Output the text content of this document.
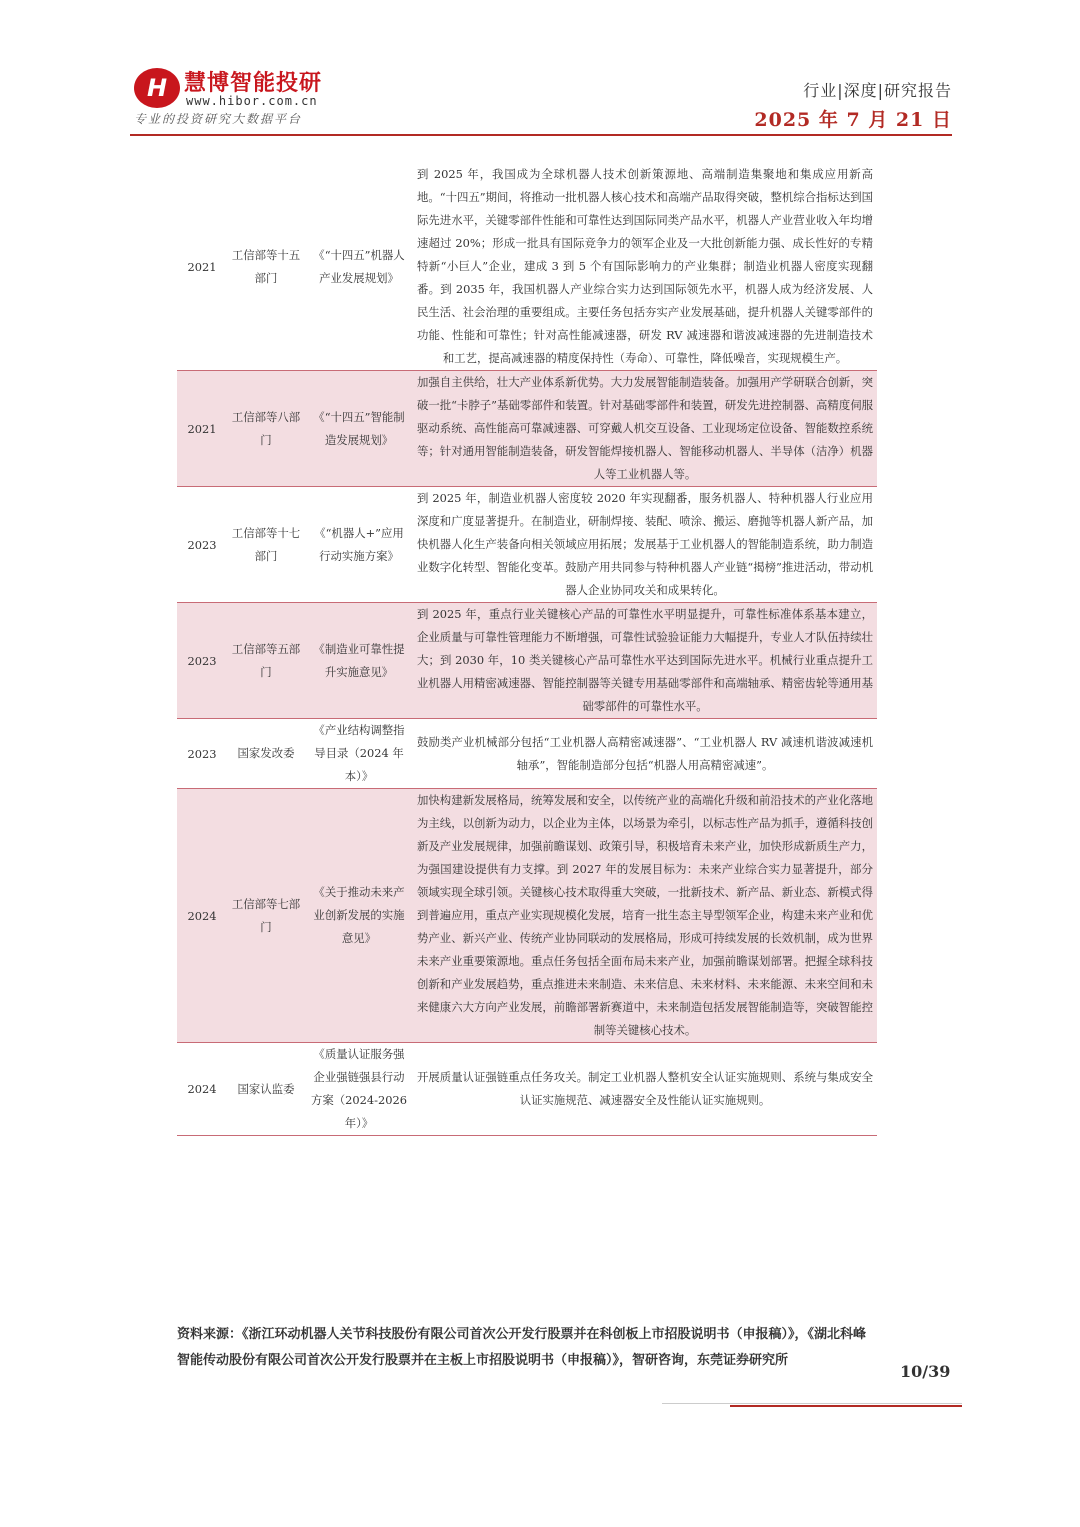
H 慧博智能投研
www.hibor.com.cn
专业的投资研究大数据平台
行业|深度|研究报告
2025 年 7 月 21 日
2021	工信部等十五部门	《“十四五”机器人产业发展规划》	到 2025 年，我国成为全球机器人技术创新策源地、高端制造集聚地和集成应用新高地。“十四五”期间，将推动一批机器人核心技术和高端产品取得突破，整机综合指标达到国际先进水平，关键零部件性能和可靠性达到国际同类产品水平，机器人产业营业收入年均增速超过 20%；形成一批具有国际竞争力的领军企业及一大批创新能力强、成长性好的专精特新“小巨人”企业，建成 3 到 5 个有国际影响力的产业集群；制造业机器人密度实现翻番。到 2035 年，我国机器人产业综合实力达到国际领先水平，机器人成为经济发展、人民生活、社会治理的重要组成。主要任务包括夯实产业发展基础，提升机器人关键零部件的功能、性能和可靠性；针对高性能减速器，研发 RV 减速器和谐波减速器的先进制造技术和工艺，提高减速器的精度保持性（寿命）、可靠性，降低噪音，实现规模生产。
2021	工信部等八部门	《“十四五”智能制造发展规划》	加强自主供给，壮大产业体系新优势。大力发展智能制造装备。加强用产学研联合创新，突破一批“卡脖子”基础零部件和装置。针对基础零部件和装置，研发先进控制器、高精度伺服驱动系统、高性能高可靠减速器、可穿戴人机交互设备、工业现场定位设备、智能数控系统等；针对通用智能制造装备，研发智能焊接机器人、智能移动机器人、半导体（洁净）机器人等工业机器人等。
2023	工信部等十七部门	《“机器人+”应用行动实施方案》	到 2025 年，制造业机器人密度较 2020 年实现翻番，服务机器人、特种机器人行业应用深度和广度显著提升。在制造业，研制焊接、装配、喷涂、搬运、磨抛等机器人新产品，加快机器人化生产装备向相关领域应用拓展；发展基于工业机器人的智能制造系统，助力制造业数字化转型、智能化变革。鼓励产用共同参与特种机器人产业链“揭榜”推进活动，带动机器人企业协同攻关和成果转化。
2023	工信部等五部门	《制造业可靠性提升实施意见》	到 2025 年，重点行业关键核心产品的可靠性水平明显提升，可靠性标准体系基本建立，企业质量与可靠性管理能力不断增强，可靠性试验验证能力大幅提升，专业人才队伍持续壮大；到 2030 年，10 类关键核心产品可靠性水平达到国际先进水平。机械行业重点提升工业机器人用精密减速器、智能控制器等关键专用基础零部件和高端轴承、精密齿轮等通用基础零部件的可靠性水平。
2023	国家发改委	《产业结构调整指导目录（2024 年本）》	鼓励类产业机械部分包括“工业机器人高精密减速器”、“工业机器人 RV 减速机谐波减速机轴承”，智能制造部分包括“机器人用高精密减速”。
2024	工信部等七部门	《关于推动未来产业创新发展的实施意见》	加快构建新发展格局，统筹发展和安全，以传统产业的高端化升级和前沿技术的产业化落地为主线，以创新为动力，以企业为主体，以场景为牵引，以标志性产品为抓手，遵循科技创新及产业发展规律，加强前瞻谋划、政策引导，积极培育未来产业，加快形成新质生产力，为强国建设提供有力支撑。到 2027 年的发展目标为：未来产业综合实力显著提升，部分领域实现全球引领。关键核心技术取得重大突破，一批新技术、新产品、新业态、新模式得到普遍应用，重点产业实现规模化发展，培育一批生态主导型领军企业，构建未来产业和优势产业、新兴产业、传统产业协同联动的发展格局，形成可持续发展的长效机制，成为世界未来产业重要策源地。重点任务包括全面布局未来产业，加强前瞻谋划部署。把握全球科技创新和产业发展趋势，重点推进未来制造、未来信息、未来材料、未来能源、未来空间和未来健康六大方向产业发展，前瞻部署新赛道中，未来制造包括发展智能制造等，突破智能控制等关键核心技术。
2024	国家认监委	《质量认证服务强企业强链强县行动方案（2024-2026 年）》	开展质量认证强链重点任务攻关。制定工业机器人整机安全认证实施规则、系统与集成安全认证实施规范、减速器安全及性能认证实施规则。
资料来源：《浙江环动机器人关节科技股份有限公司首次公开发行股票并在科创板上市招股说明书（申报稿）》，《湖北科峰智能传动股份有限公司首次公开发行股票并在主板上市招股说明书（申报稿）》，智研咨询，东莞证券研究所
10/39
